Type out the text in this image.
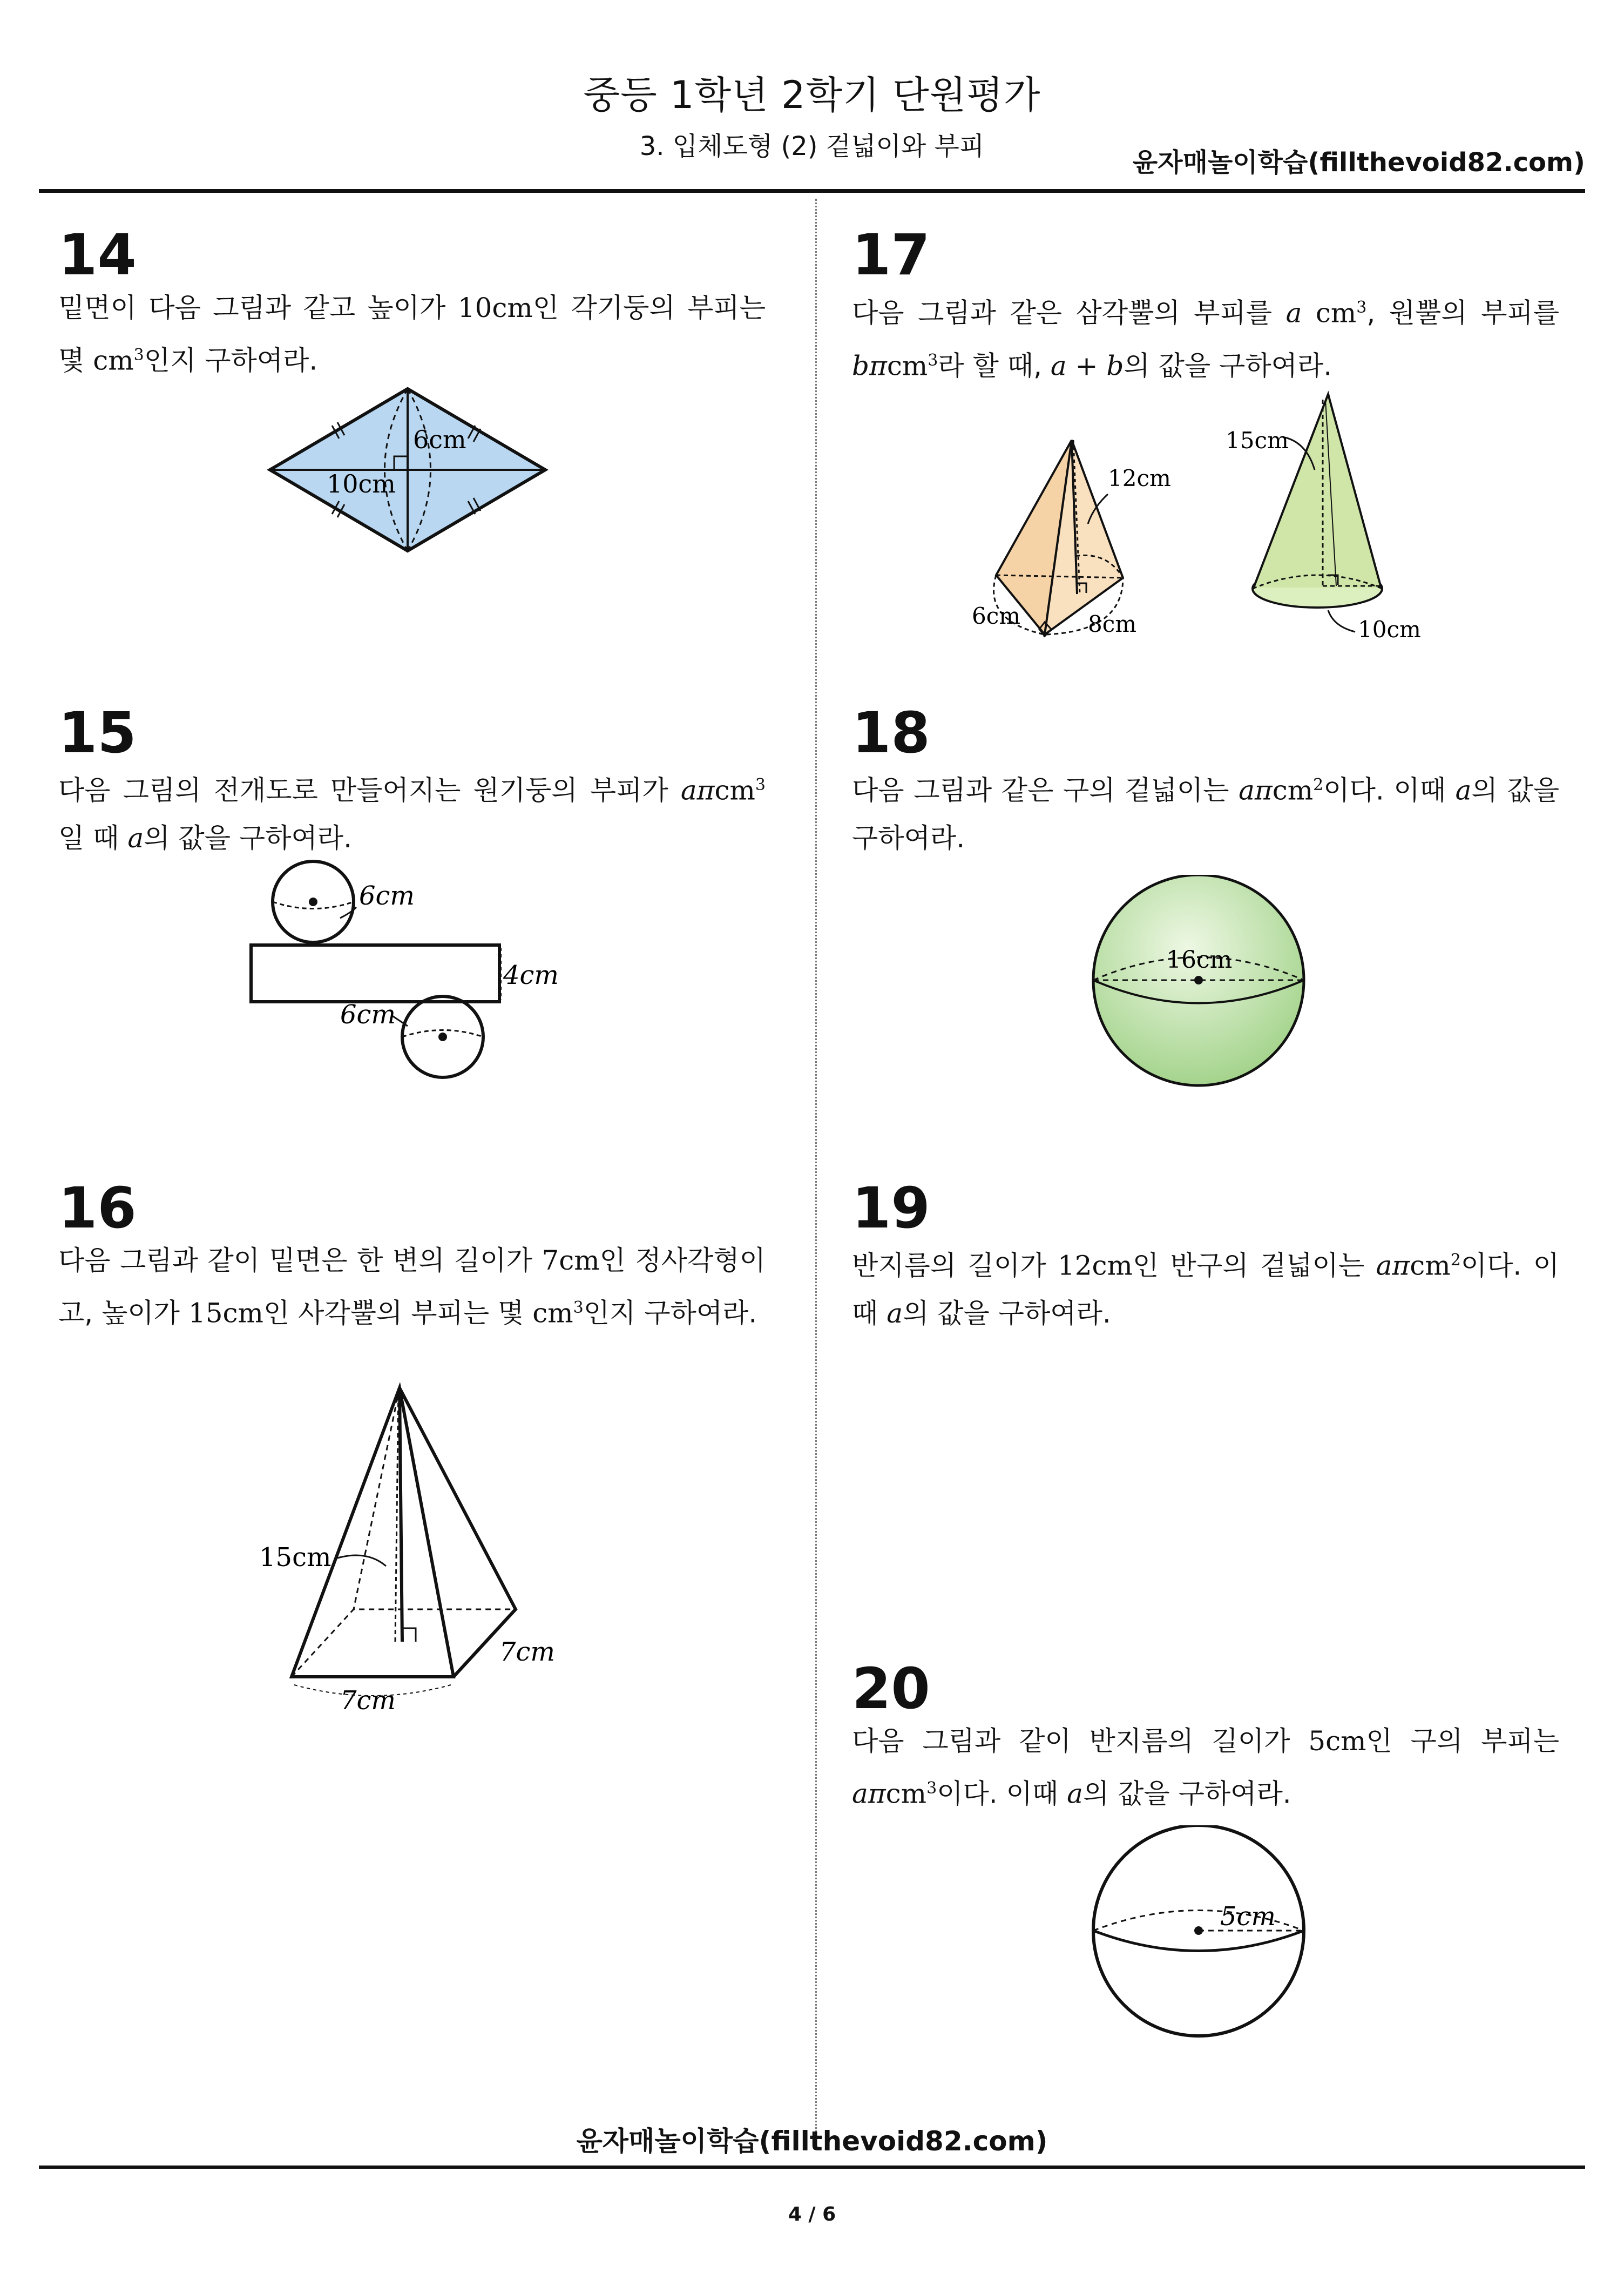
중등 1학년 2학기 단원평가
3. 입체도형 (2) 겉넓이와 부피
윤자매놀이학습(fillthevoid82.com)
14
밑면이 다음 그림과 같고 높이가 10cm인 각기둥의 부피는 몇 $cm^3$인지 구하여라.
6cm
10cm
15
다음 그림의 전개도로 만들어지는 원기둥의 부피가 aπcm$^3$일 때 a의 값을 구하여라.
6cm
4cm
6cm
16
다음 그림과 같이 밑면은 한 변의 길이가 7cm인 정사각형이고, 높이가 15cm인 사각뿔의 부피는 몇 $cm^3$인지 구하여라.
15cm
7cm
7cm
17
다음 그림과 같은 삼각뿔의 부피를 a $cm^3$, 원뿔의 부피를 bπcm$^3$라 할 때, a + b의 값을 구하여라.
12cm
6cm	8cm
15cm
10cm
18
다음 그림과 같은 구의 겉넓이는 aπcm$^2$이다. 이때 a의 값을 구하여라.
16cm
19
반지름의 길이가 12cm인 반구의 겉넓이는 aπcm$^2$이다. 이때 a의 값을 구하여라.
20
다음 그림과 같이 반지름의 길이가 5cm인 구의 부피는 aπcm$^3$이다. 이때 a의 값을 구하여라.
5cm
윤자매놀이학습(fillthevoid82.com)
4 / 6
